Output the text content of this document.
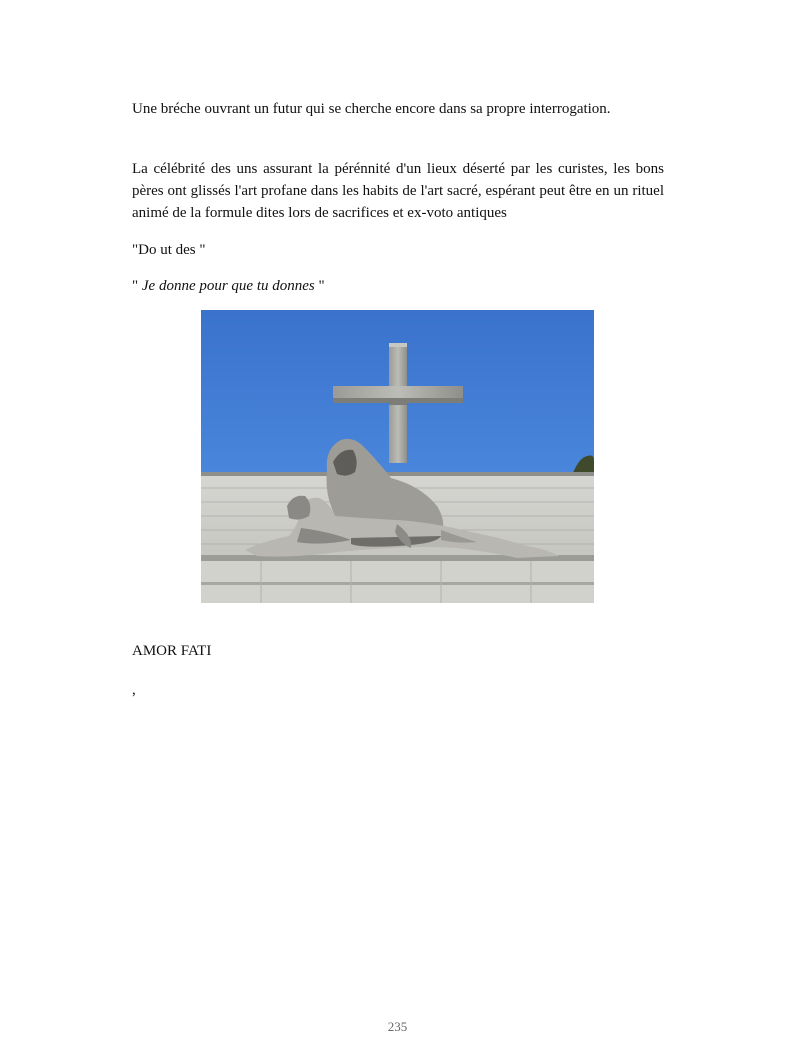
Une bréche ouvrant un futur qui se cherche encore dans sa propre interrogation.

La célébrité des uns assurant la pérénnité d'un lieux déserté par les curistes, les bons pères ont glissés l'art profane dans les habits de l'art sacré, espérant peut être en un rituel animé de la formule dites lors de sacrifices et ex-voto antiques

"Do ut des "

" Je donne pour que tu donnes "

AMOR FATI

,

235
